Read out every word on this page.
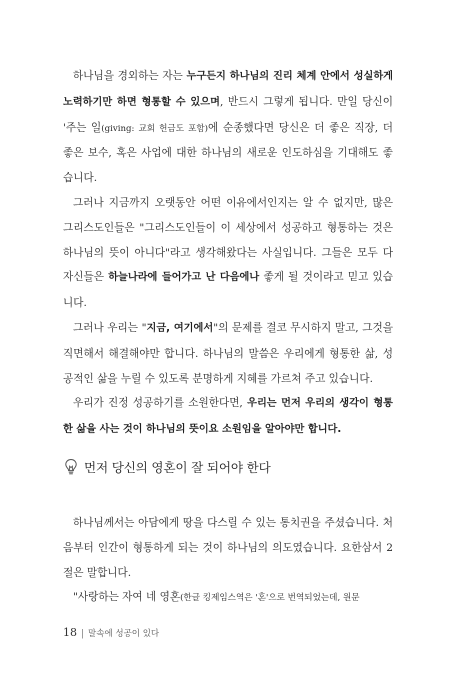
하나님을 경외하는 자는 누구든지 하나님의 진리 체계 안에서 성실하게 노력하기만 하면 형통할 수 있으며, 반드시 그렇게 됩니다. 만일 당신이 '주는 일(giving: 교회 헌금도 포함)에 순종했다면 당신은 더 좋은 직장, 더 좋은 보수, 혹은 사업에 대한 하나님의 새로운 인도하심을 기대해도 좋습니다.

그러나 지금까지 오랫동안 어떤 이유에서인지는 알 수 없지만, 많은 그리스도인들은 "그리스도인들이 이 세상에서 성공하고 형통하는 것은 하나님의 뜻이 아니다"라고 생각해왔다는 사실입니다. 그들은 모두 다 자신들은 하늘나라에 들어가고 난 다음에나 좋게 될 것이라고 믿고 있습니다.

그러나 우리는 "지금, 여기에서"의 문제를 결코 무시하지 말고, 그것을 직면해서 해결해야만 합니다. 하나님의 말씀은 우리에게 형통한 삶, 성공적인 삶을 누릴 수 있도록 분명하게 지혜를 가르쳐 주고 있습니다.

우리가 진정 성공하기를 소원한다면, 우리는 먼저 우리의 생각이 형통한 삶을 사는 것이 하나님의 뜻이요 소원임을 알아야만 합니다.

먼저 당신의 영혼이 잘 되어야 한다

하나님께서는 아담에게 땅을 다스릴 수 있는 통치권을 주셨습니다. 처음부터 인간이 형통하게 되는 것이 하나님의 의도였습니다. 요한삼서 2절은 말합니다.

"사랑하는 자여 네 영혼(한글 킹제임스역은 '혼'으로 번역되었는데, 원문

18 | 말속에 성공이 있다
